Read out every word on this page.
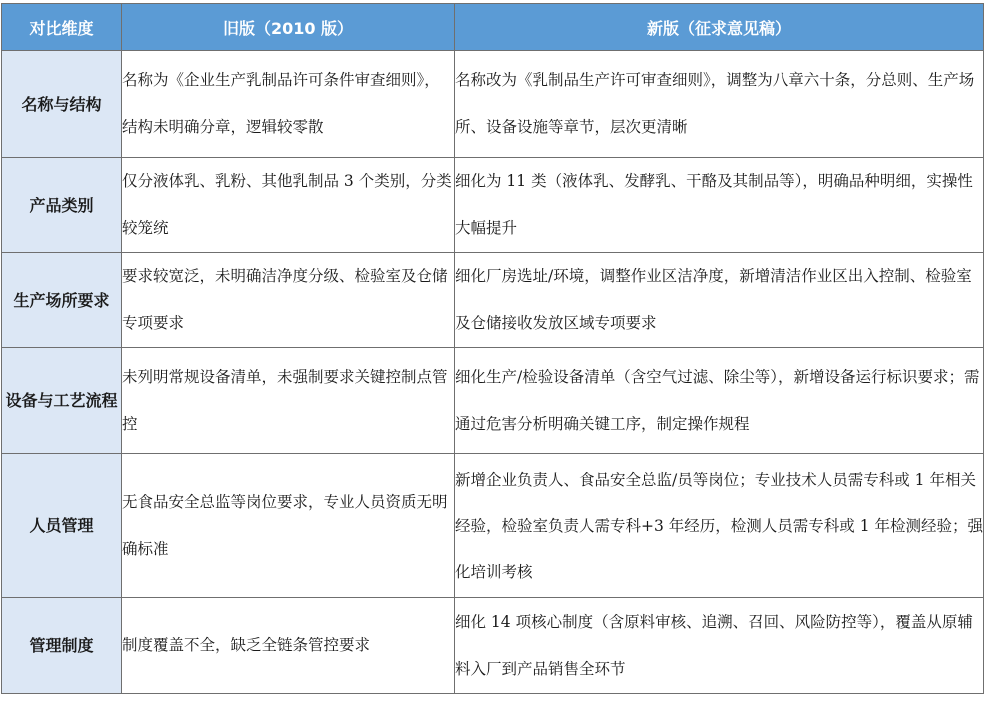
对比维度	旧版（2010 版）	新版（征求意见稿）
名称与结构	名称为《企业生产乳制品许可条件审查细则》，结构未明确分章，逻辑较零散	名称改为《乳制品生产许可审查细则》，调整为八章六十条，分总则、生产场所、设备设施等章节，层次更清晰
产品类别	仅分液体乳、乳粉、其他乳制品 3 个类别，分类较笼统	细化为 11 类（液体乳、发酵乳、干酪及其制品等），明确品种明细，实操性大幅提升
生产场所要求	要求较宽泛，未明确洁净度分级、检验室及仓储专项要求	细化厂房选址/环境，调整作业区洁净度，新增清洁作业区出入控制、检验室及仓储接收发放区域专项要求
设备与工艺流程	未列明常规设备清单，未强制要求关键控制点管控	细化生产/检验设备清单（含空气过滤、除尘等），新增设备运行标识要求；需通过危害分析明确关键工序，制定操作规程
人员管理	无食品安全总监等岗位要求，专业人员资质无明确标准	新增企业负责人、食品安全总监/员等岗位；专业技术人员需专科或 1 年相关经验，检验室负责人需专科+3 年经历，检测人员需专科或 1 年检测经验；强化培训考核
管理制度	制度覆盖不全，缺乏全链条管控要求	细化 14 项核心制度（含原料审核、追溯、召回、风险防控等），覆盖从原辅料入厂到产品销售全环节
